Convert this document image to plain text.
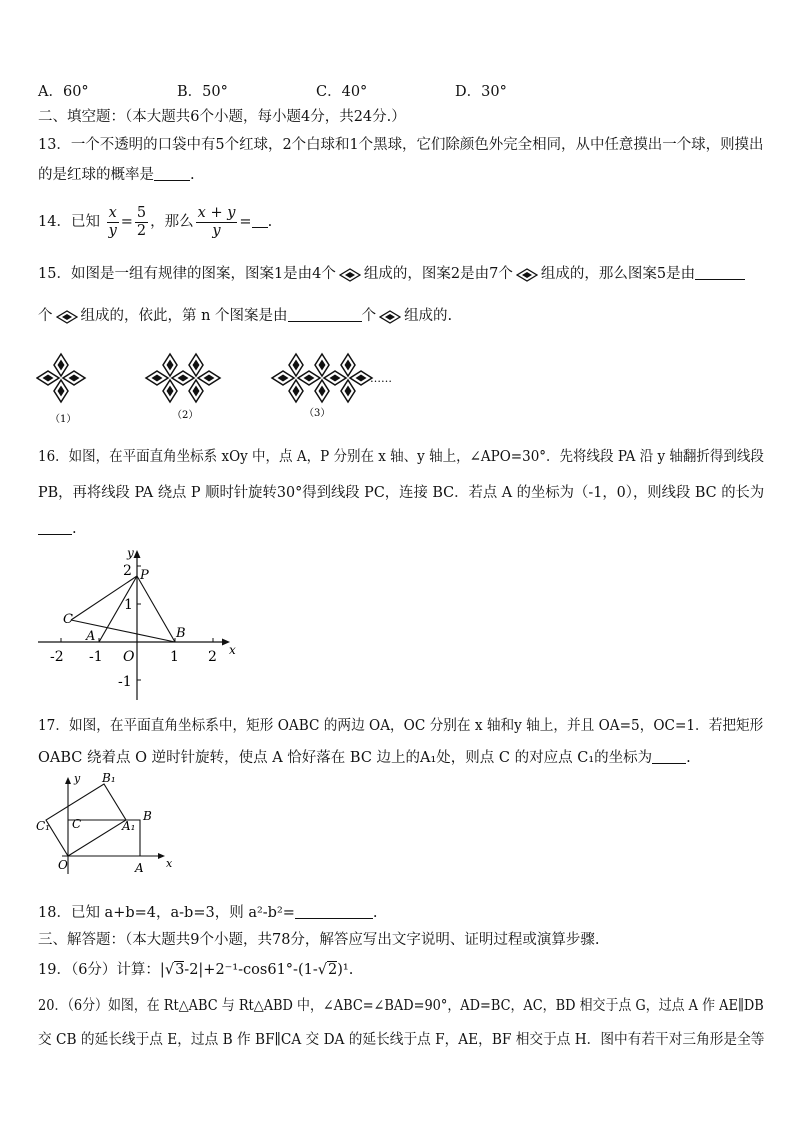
A．60°	B．50°	C．40°	D．30°
二、填空题：（本大题共6个小题，每小题4分，共24分.）
13．一个不透明的口袋中有5个红球，2个白球和1个黑球，它们除颜色外完全相同，从中任意摸出一个球，则摸出
的是红球的概率是 .
14．已知 $\frac{x}{y} = \frac{5}{2}$ ，那么 $\frac{x + y}{y}$ = .
15．如图是一组有规律的图案，图案1是由4个 组成的，图案2是由7个 组成的，那么图案5是由
个 组成的，依此，第 n 个图案是由	个 组成的.
（1）	（2）	（3）
……
16．如图，在平面直角坐标系 xOy 中，点 A，P 分别在 x 轴、y 轴上，∠APO=30°．先将线段 PA 沿 y 轴翻折得到线段
PB，再将线段 PA 绕点 P 顺时针旋转30°得到线段 PC，连接 BC．若点 A 的坐标为（-1，0），则线段 BC 的长为
.
-2 -1 O	1 2
2
1
-1
x
y
P
C
A	B
17．如图，在平面直角坐标系中，矩形 OABC 的两边 OA，OC 分别在 x 轴和y 轴上，并且 OA=5，OC=1．若把矩形
OABC 绕着点 O 逆时针旋转，使点 A 恰好落在 BC 边上的A₁处，则点 C 的对应点 C₁的坐标为 .
y B₁
C₁ C	A₁
B
O	A x
18．已知 a+b=4，a-b=3，则 a²-b²=	.
三、解答题：（本大题共9个小题，共78分，解答应写出文字说明、证明过程或演算步骤.
19．（6分）计算：|√3-2|+2⁻¹-cos61°-(1-√2)¹.
20．（6分）如图，在 Rt△ABC 与 Rt△ABD 中，∠ABC=∠BAD=90°，AD=BC，AC，BD 相交于点 G，过点 A 作 AE∥DB
交 CB 的延长线于点 E，过点 B 作 BF∥CA 交 DA 的延长线于点 F，AE，BF 相交于点 H．图中有若干对三角形是全等
